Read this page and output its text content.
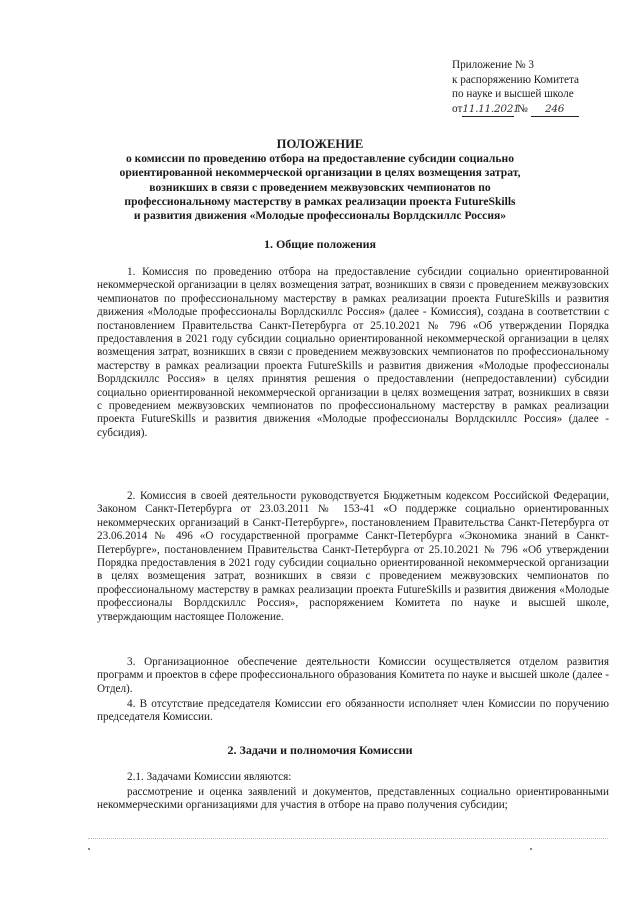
Приложение № 3
к распоряжению Комитета
по науке и высшей школе
от11.11.2021 № 246
ПОЛОЖЕНИЕ
о комиссии по проведению отбора на предоставление субсидии социально
ориентированной некоммерческой организации в целях возмещения затрат,
возникших в связи с проведением межвузовских чемпионатов по
профессиональному мастерству в рамках реализации проекта FutureSkills
и развития движения «Молодые профессионалы Ворлдскиллс Россия»
1. Общие положения
1. Комиссия по проведению отбора на предоставление субсидии социально ориентированной некоммерческой организации в целях возмещения затрат, возникших в связи с проведением межвузовских чемпионатов по профессиональному мастерству в рамках реализации проекта FutureSkills и развития движения «Молодые профессионалы Ворлдскиллс Россия» (далее - Комиссия), создана в соответствии с постановлением Правительства Санкт-Петербурга от 25.10.2021 № 796 «Об утверждении Порядка предоставления в 2021 году субсидии социально ориентированной некоммерческой организации в целях возмещения затрат, возникших в связи с проведением межвузовских чемпионатов по профессиональному мастерству в рамках реализации проекта FutureSkills и развития движения «Молодые профессионалы Ворлдскиллс Россия» в целях принятия решения о предоставлении (непредоставлении) субсидии социально ориентированной некоммерческой организации в целях возмещения затрат, возникших в связи с проведением межвузовских чемпионатов по профессиональному мастерству в рамках реализации проекта FutureSkills и развития движения «Молодые профессионалы Ворлдскиллс Россия» (далее - субсидия).
2. Комиссия в своей деятельности руководствуется Бюджетным кодексом Российской Федерации, Законом Санкт-Петербурга от 23.03.2011 № 153-41 «О поддержке социально ориентированных некоммерческих организаций в Санкт-Петербурге», постановлением Правительства Санкт-Петербурга от 23.06.2014 № 496 «О государственной программе Санкт-Петербурга «Экономика знаний в Санкт-Петербурге», постановлением Правительства Санкт-Петербурга от 25.10.2021 № 796 «Об утверждении Порядка предоставления в 2021 году субсидии социально ориентированной некоммерческой организации в целях возмещения затрат, возникших в связи с проведением межвузовских чемпионатов по профессиональному мастерству в рамках реализации проекта FutureSkills и развития движения «Молодые профессионалы Ворлдскиллс Россия», распоряжением Комитета по науке и высшей школе, утверждающим настоящее Положение.
3. Организационное обеспечение деятельности Комиссии осуществляется отделом развития программ и проектов в сфере профессионального образования Комитета по науке и высшей школе (далее - Отдел).
4. В отсутствие председателя Комиссии его обязанности исполняет член Комиссии по поручению председателя Комиссии.
2. Задачи и полномочия Комиссии
2.1. Задачами Комиссии являются:
рассмотрение и оценка заявлений и документов, представленных социально ориентированными некоммерческими организациями для участия в отборе на право получения субсидии;
